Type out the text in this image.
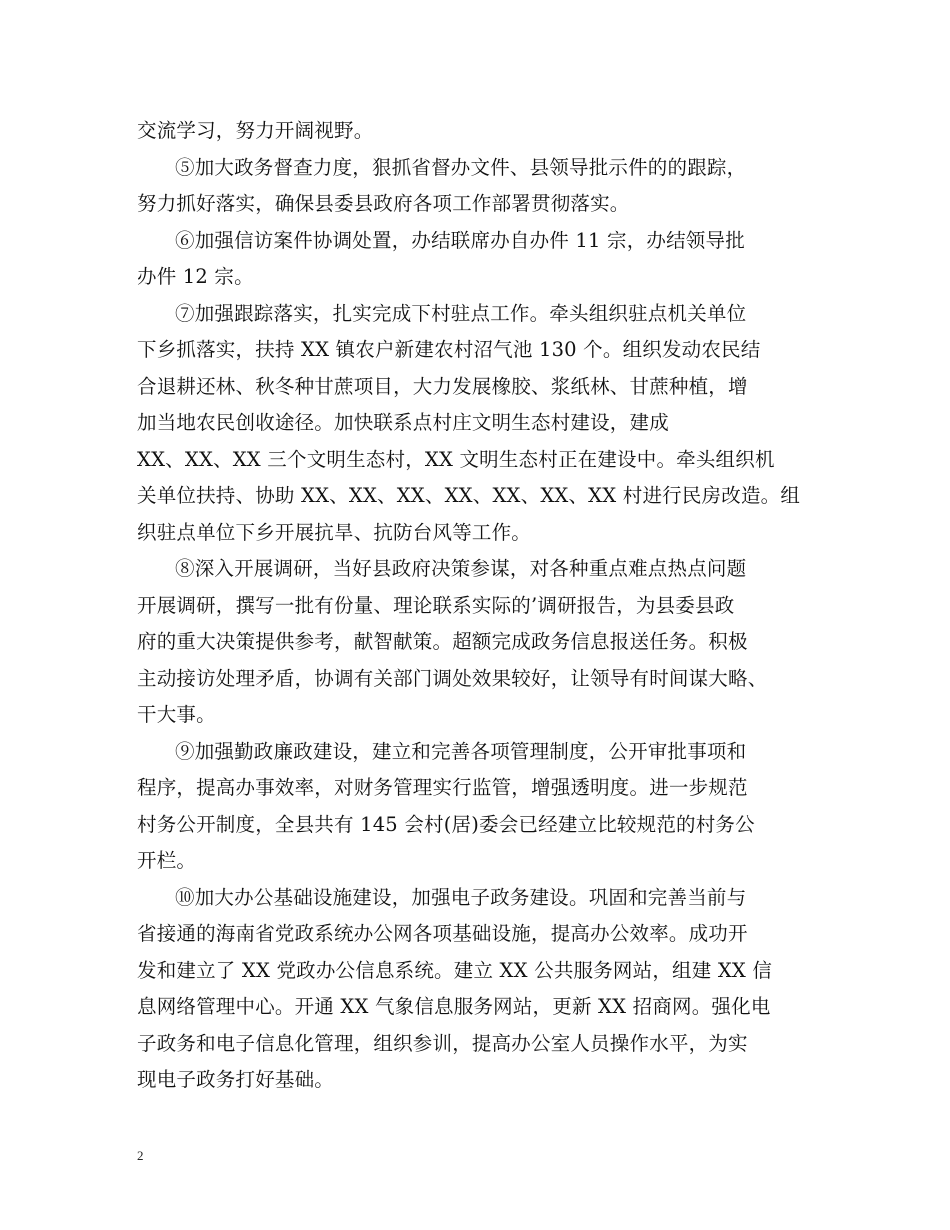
交流学习，努力开阔视野。
⑤加大政务督查力度，狠抓省督办文件、县领导批示件的的跟踪，
努力抓好落实，确保县委县政府各项工作部署贯彻落实。
⑥加强信访案件协调处置，办结联席办自办件 11 宗，办结领导批
办件 12 宗。
⑦加强跟踪落实，扎实完成下村驻点工作。牵头组织驻点机关单位
下乡抓落实，扶持 XX 镇农户新建农村沼气池 130 个。组织发动农民结
合退耕还林、秋冬种甘蔗项目，大力发展橡胶、浆纸林、甘蔗种植，增
加当地农民创收途径。加快联系点村庄文明生态村建设，建成
XX、XX、XX 三个文明生态村，XX 文明生态村正在建设中。牵头组织机
关单位扶持、协助 XX、XX、XX、XX、XX、XX、XX 村进行民房改造。组
织驻点单位下乡开展抗旱、抗防台风等工作。
⑧深入开展调研，当好县政府决策参谋，对各种重点难点热点问题
开展调研，撰写一批有份量、理论联系实际的’调研报告，为县委县政
府的重大决策提供参考，献智献策。超额完成政务信息报送任务。积极
主动接访处理矛盾，协调有关部门调处效果较好，让领导有时间谋大略、
干大事。
⑨加强勤政廉政建设，建立和完善各项管理制度，公开审批事项和
程序，提高办事效率，对财务管理实行监管，增强透明度。进一步规范
村务公开制度，全县共有 145 会村(居)委会已经建立比较规范的村务公
开栏。
⑩加大办公基础设施建设，加强电子政务建设。巩固和完善当前与
省接通的海南省党政系统办公网各项基础设施，提高办公效率。成功开
发和建立了 XX 党政办公信息系统。建立 XX 公共服务网站，组建 XX 信
息网络管理中心。开通 XX 气象信息服务网站，更新 XX 招商网。强化电
子政务和电子信息化管理，组织参训，提高办公室人员操作水平，为实
现电子政务打好基础。
2
